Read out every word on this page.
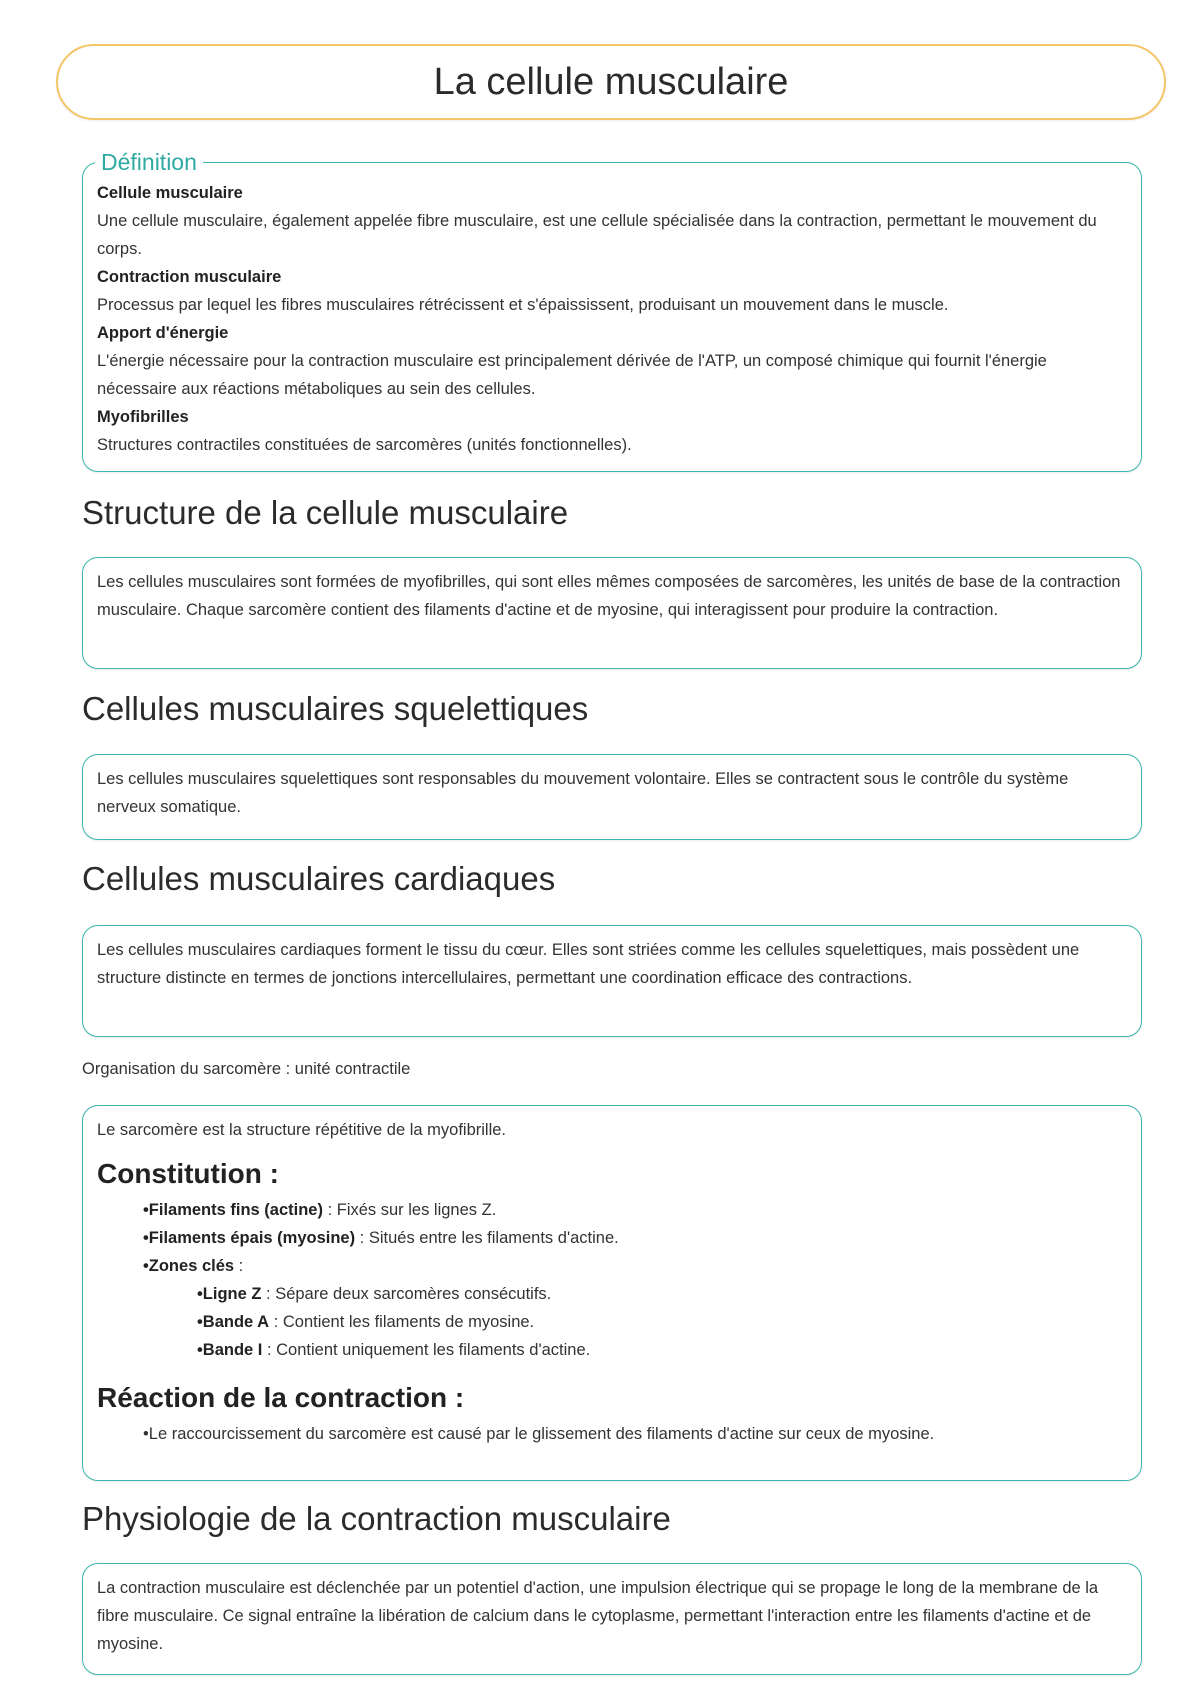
La cellule musculaire
Définition

Cellule musculaire

Une cellule musculaire, également appelée fibre musculaire, est une cellule spécialisée dans la contraction, permettant le mouvement du corps.

Contraction musculaire

Processus par lequel les fibres musculaires rétrécissent et s'épaississent, produisant un mouvement dans le muscle.

Apport d'énergie

L'énergie nécessaire pour la contraction musculaire est principalement dérivée de l'ATP, un composé chimique qui fournit l'énergie nécessaire aux réactions métaboliques au sein des cellules.

Myofibrilles

Structures contractiles constituées de sarcomères (unités fonctionnelles).

Structure de la cellule musculaire

Les cellules musculaires sont formées de myofibrilles, qui sont elles mêmes composées de sarcomères, les unités de base de la contraction musculaire. Chaque sarcomère contient des filaments d'actine et de myosine, qui interagissent pour produire la contraction.

Cellules musculaires squelettiques

Les cellules musculaires squelettiques sont responsables du mouvement volontaire. Elles se contractent sous le contrôle du système nerveux somatique.

Cellules musculaires cardiaques

Les cellules musculaires cardiaques forment le tissu du cœur. Elles sont striées comme les cellules squelettiques, mais possèdent une structure distincte en termes de jonctions intercellulaires, permettant une coordination efficace des contractions.

Organisation du sarcomère : unité contractile

Le sarcomère est la structure répétitive de la myofibrille.

Constitution :

•Filaments fins (actine) : Fixés sur les lignes Z.

•Filaments épais (myosine) : Situés entre les filaments d'actine.

•Zones clés :

•Ligne Z : Sépare deux sarcomères consécutifs.

•Bande A : Contient les filaments de myosine.

•Bande I : Contient uniquement les filaments d'actine.

Réaction de la contraction :

•Le raccourcissement du sarcomère est causé par le glissement des filaments d'actine sur ceux de myosine.

Physiologie de la contraction musculaire

La contraction musculaire est déclenchée par un potentiel d'action, une impulsion électrique qui se propage le long de la membrane de la fibre musculaire. Ce signal entraîne la libération de calcium dans le cytoplasme, permettant l'interaction entre les filaments d'actine et de myosine.
